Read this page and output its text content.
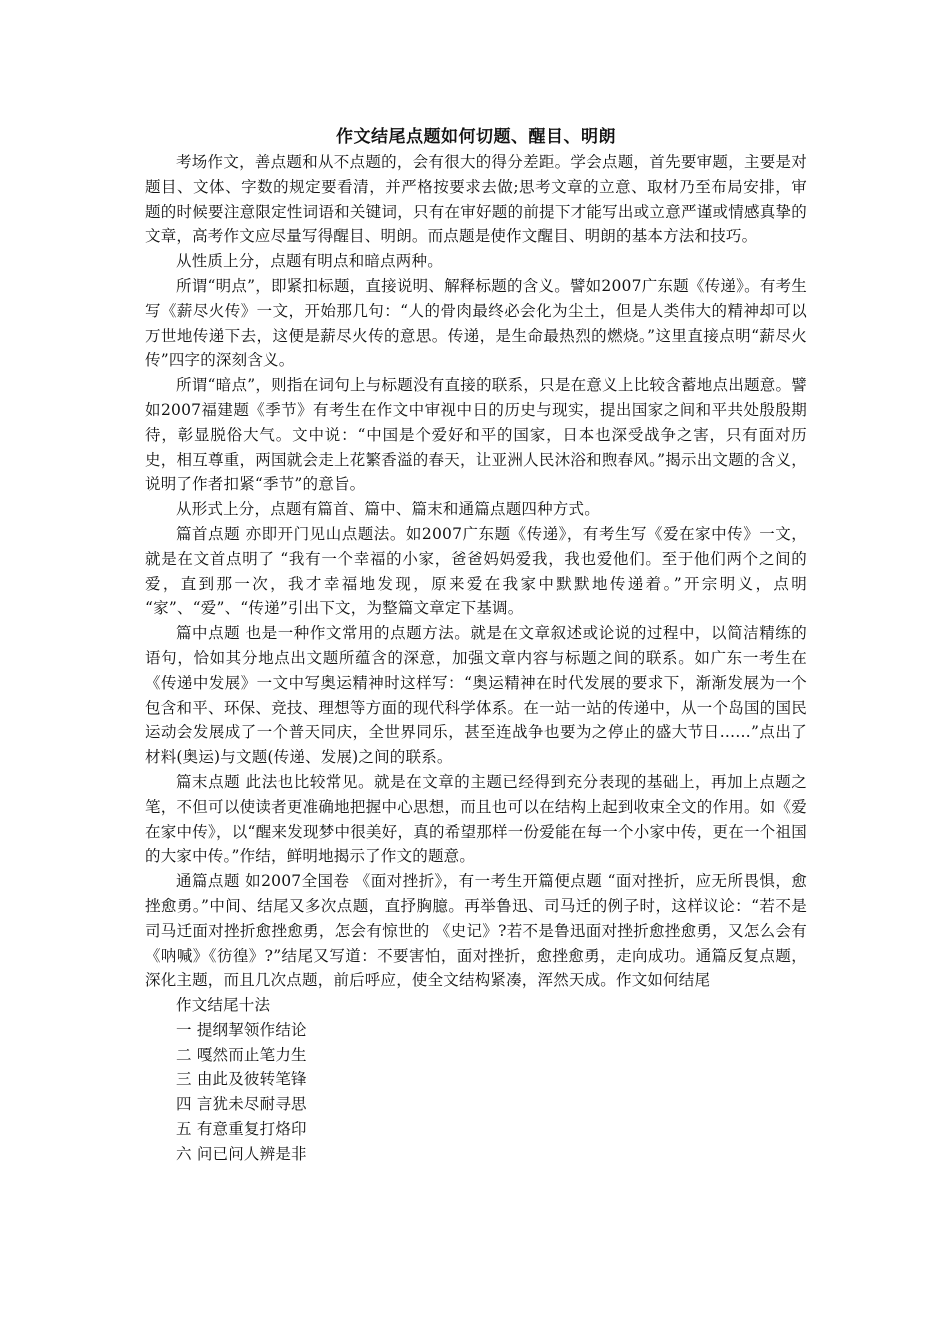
作文结尾点题如何切题、醒目、明朗

考场作文，善点题和从不点题的，会有很大的得分差距。学会点题，首先要审题，主要是对题目、文体、字数的规定要看清，并严格按要求去做;思考文章的立意、取材乃至布局安排，审题的时候要注意限定性词语和关键词，只有在审好题的前提下才能写出或立意严谨或情感真挚的文章，高考作文应尽量写得醒目、明朗。而点题是使作文醒目、明朗的基本方法和技巧。

从性质上分，点题有明点和暗点两种。

所谓“明点”，即紧扣标题，直接说明、解释标题的含义。譬如2007广东题《传递》。有考生写《薪尽火传》一文，开始那几句：“人的骨肉最终必会化为尘土，但是人类伟大的精神却可以万世地传递下去，这便是薪尽火传的意思。传递，是生命最热烈的燃烧。”这里直接点明“薪尽火传”四字的深刻含义。

所谓“暗点”，则指在词句上与标题没有直接的联系，只是在意义上比较含蓄地点出题意。譬如2007福建题《季节》有考生在作文中审视中日的历史与现实，提出国家之间和平共处殷殷期待，彰显脱俗大气。文中说：“中国是个爱好和平的国家，日本也深受战争之害，只有面对历史，相互尊重，两国就会走上花繁香溢的春天，让亚洲人民沐浴和煦春风。”揭示出文题的含义，说明了作者扣紧“季节”的意旨。

从形式上分，点题有篇首、篇中、篇末和通篇点题四种方式。

篇首点题 亦即开门见山点题法。如2007广东题《传递》，有考生写《爱在家中传》一文，就是在文首点明了 “我有一个幸福的小家，爸爸妈妈爱我，我也爱他们。至于他们两个之间的爱，直到那一次，我才幸福地发现，原来爱在我家中默默地传递着。”开宗明义，点明 “家”、“爱”、“传递”引出下文，为整篇文章定下基调。

篇中点题 也是一种作文常用的点题方法。就是在文章叙述或论说的过程中，以简洁精练的语句，恰如其分地点出文题所蕴含的深意，加强文章内容与标题之间的联系。如广东一考生在《传递中发展》一文中写奥运精神时这样写：“奥运精神在时代发展的要求下，渐渐发展为一个包含和平、环保、竞技、理想等方面的现代科学体系。在一站一站的传递中，从一个岛国的国民运动会发展成了一个普天同庆，全世界同乐，甚至连战争也要为之停止的盛大节日……”点出了材料(奥运)与文题(传递、发展)之间的联系。

篇末点题 此法也比较常见。就是在文章的主题已经得到充分表现的基础上，再加上点题之笔，不但可以使读者更准确地把握中心思想，而且也可以在结构上起到收束全文的作用。如《爱在家中传》，以“醒来发现梦中很美好，真的希望那样一份爱能在每一个小家中传，更在一个祖国的大家中传。”作结，鲜明地揭示了作文的题意。

通篇点题 如2007全国卷 《面对挫折》，有一考生开篇便点题 “面对挫折，应无所畏惧，愈挫愈勇。”中间、结尾又多次点题，直抒胸臆。再举鲁迅、司马迁的例子时，这样议论：“若不是司马迁面对挫折愈挫愈勇，怎会有惊世的 《史记》?若不是鲁迅面对挫折愈挫愈勇，又怎么会有《呐喊》《彷徨》?”结尾又写道：不要害怕，面对挫折，愈挫愈勇，走向成功。通篇反复点题，深化主题，而且几次点题，前后呼应，使全文结构紧凑，浑然天成。作文如何结尾

作文结尾十法

一 提纲挈领作结论
二 嘎然而止笔力生
三 由此及彼转笔锋
四 言犹未尽耐寻思
五 有意重复打烙印
六 问已问人辨是非
